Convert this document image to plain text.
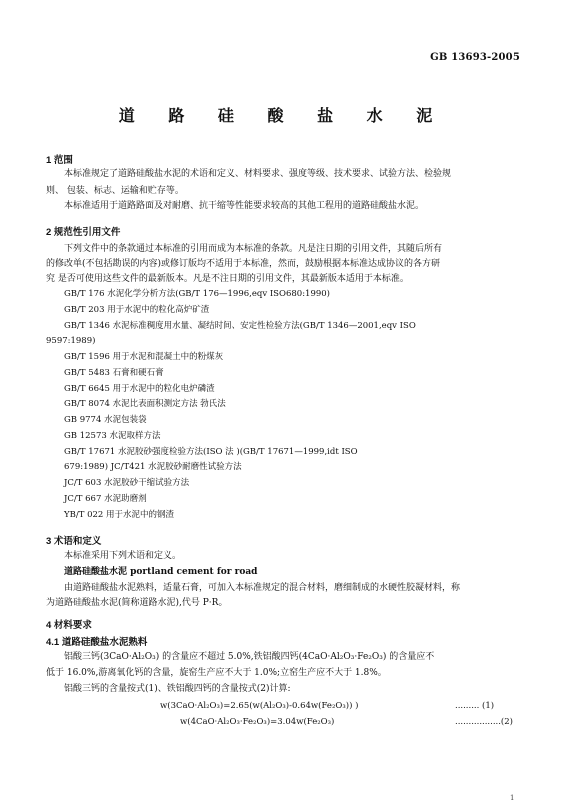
GB 13693-2005
道 路 硅 酸 盐 水 泥
1 范围
本标准规定了道路硅酸盐水泥的术语和定义、材料要求、强度等级、技术要求、试验方法、检验规
则、 包装、标志、运输和贮存等。
本标准适用于道路路面及对耐磨、抗干缩等性能要求较高的其他工程用的道路硅酸盐水泥。
2 规范性引用文件
下列文件中的条款通过本标准的引用而成为本标准的条款。凡是注日期的引用文件，其随后所有
的修改单(不包括勘误的内容)或修订版均不适用于本标准，然而，鼓励根据本标准达成协议的各方研
究 是否可使用这些文件的最新版本。凡是不注日期的引用文件，其最新版本适用于本标准。
GB/T 176 水泥化学分析方法(GB/T 176—1996,eqv ISO680:1990)
GB/T 203 用于水泥中的粒化高炉矿渣
GB/T 1346 水泥标准稠度用水量、凝结时间、安定性检验方法(GB/T 1346—2001,eqv ISO
9597:1989)
GB/T 1596 用于水泥和混凝土中的粉煤灰
GB/T 5483 石膏和硬石膏
GB/T 6645 用于水泥中的粒化电炉磷渣
GB/T 8074 水泥比表面积测定方法 勃氏法
GB 9774 水泥包装袋
GB 12573 水泥取样方法
GB/T 17671 水泥胶砂强度检验方法(ISO 法 )(GB/T 17671—1999,idt ISO
679:1989) JC/T421 水泥胶砂耐磨性试验方法
JC/T 603 水泥胶砂干缩试验方法
JC/T 667 水泥助磨剂
YB/T 022 用于水泥中的钢渣
3 术语和定义
本标准采用下列术语和定义。
道路硅酸盐水泥 portland cement for road
由道路硅酸盐水泥熟料，适量石膏，可加入本标准规定的混合材料，磨细制成的水硬性胶凝材料，称
为道路硅酸盐水泥(简称道路水泥),代号 P·R。
4 材料要求
4.1 道路硅酸盐水泥熟料
铝酸三钙(3CaO·Al₂O₃) 的含量应不超过 5.0%,铁铝酸四钙(4CaO·Al₂O₃·Fe₂O₃) 的含量应不
低于 16.0%,游离氧化钙的含量，旋窑生产应不大于 1.0%;立窑生产应不大于 1.8%。
铝酸三钙的含量按式(1)、铁铝酸四钙的含量按式(2)计算:
w(3CaO·Al₂O₃)=2.65(w(Al₂O₃)-0.64w(Fe₂O₃)) )	......... (1)
w(4CaO·Al₂O₃·Fe₂O₃)=3.04w(Fe₂O₃)	.................(2)
1
